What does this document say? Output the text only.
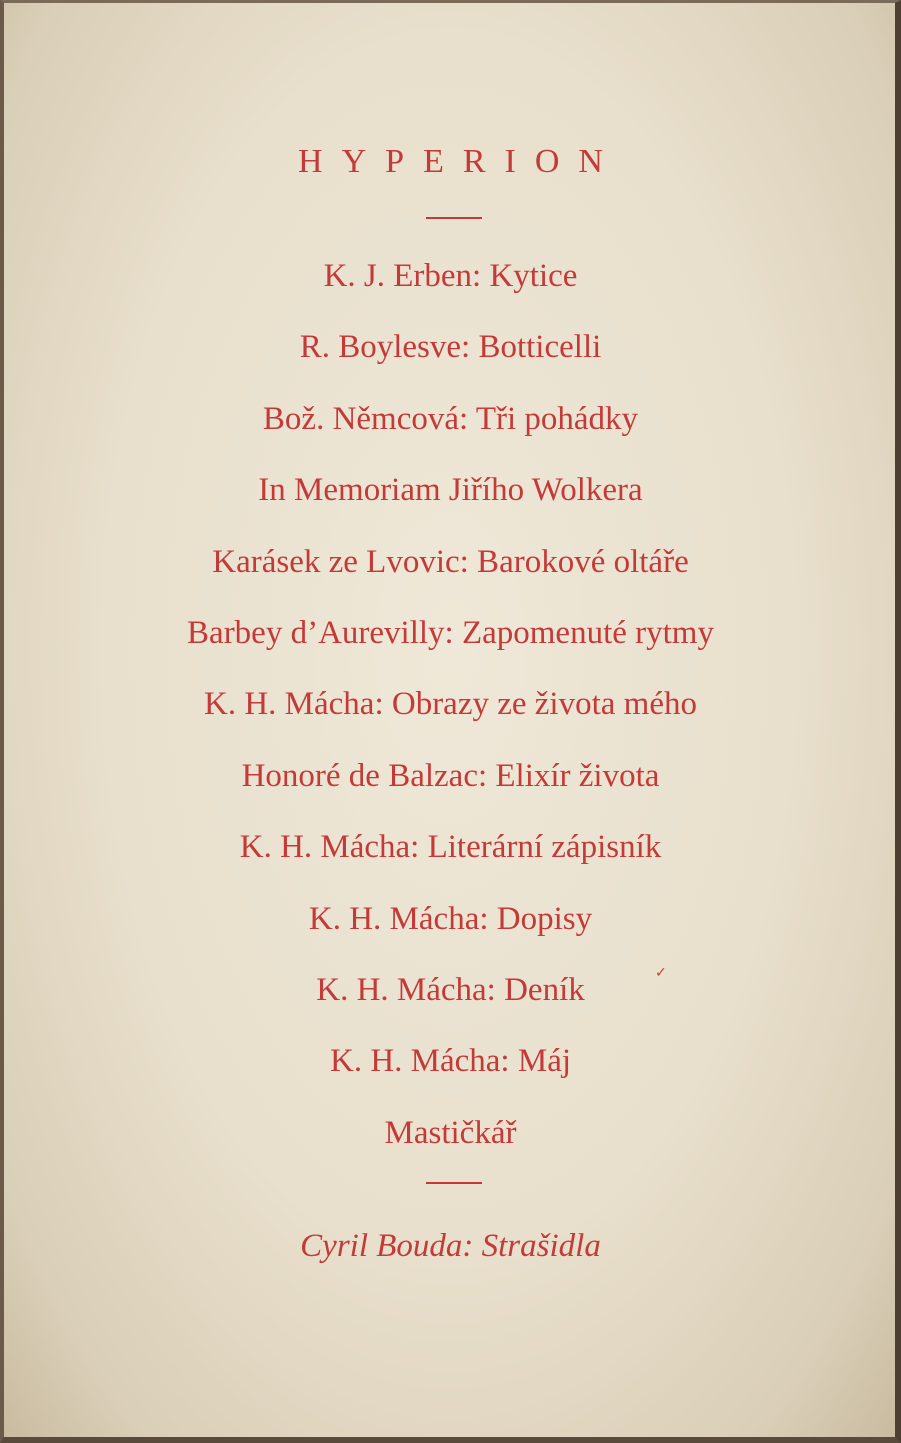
HYPERION
K. J. Erben: Kytice
R. Boylesve: Botticelli
Bož. Němcová: Tři pohádky
In Memoriam Jiřího Wolkera
Karásek ze Lvovic: Barokové oltáře
Barbey d’Aurevilly: Zapomenuté rytmy
K. H. Mácha: Obrazy ze života mého
Honoré de Balzac: Elixír života
K. H. Mácha: Literární zápisník
K. H. Mácha: Dopisy
K. H. Mácha: Deník
K. H. Mácha: Máj
Mastičkář
Cyril Bouda: Strašidla
✓
